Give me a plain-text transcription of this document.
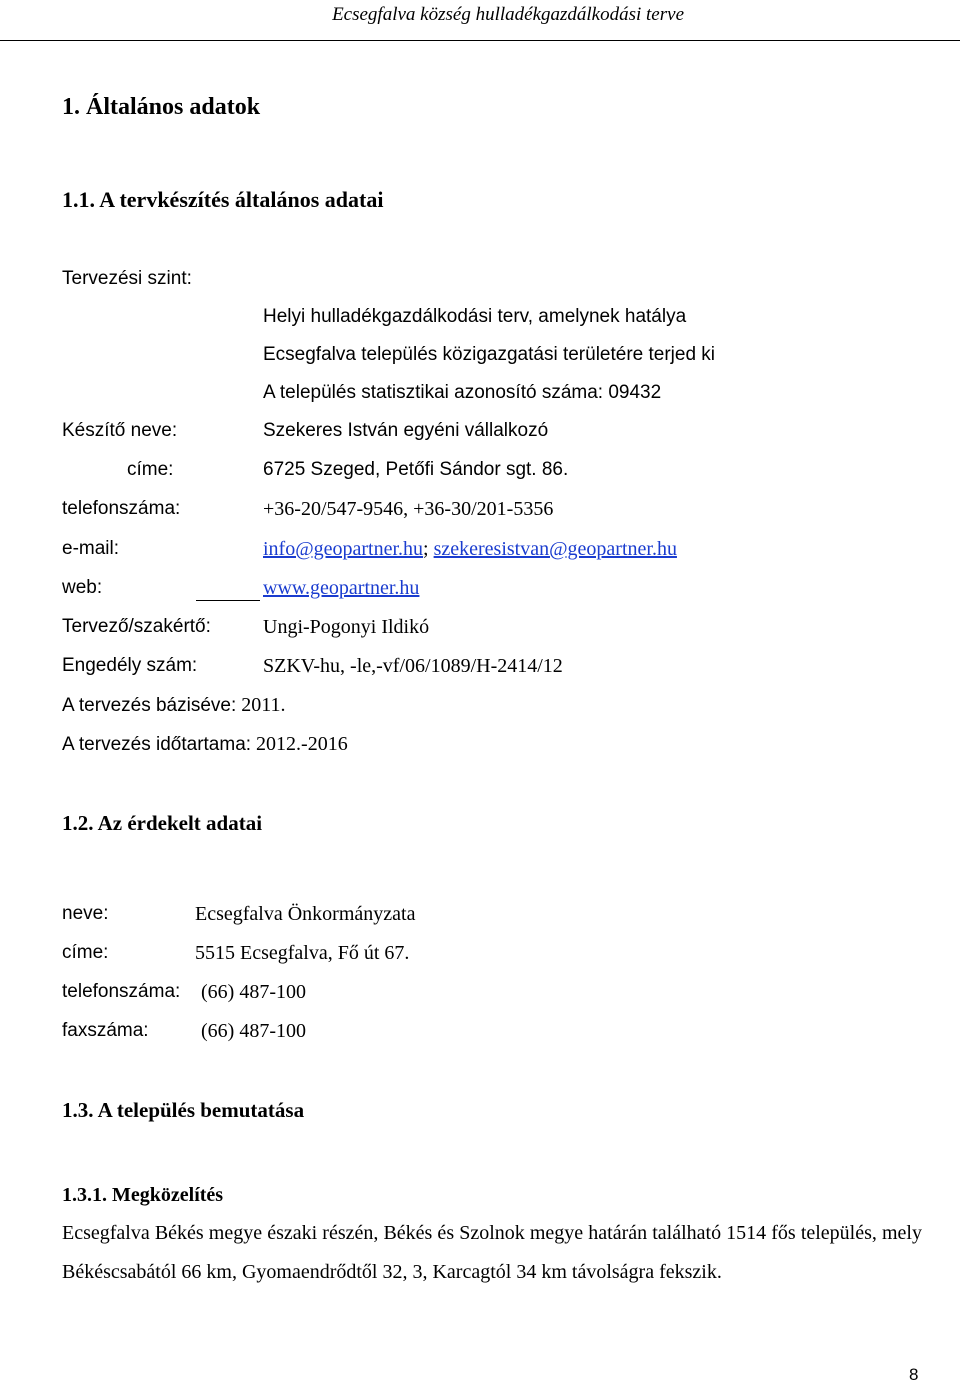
Ecsegfalva község hulladékgazdálkodási terve
1. Általános adatok
1.1. A tervkészítés általános adatai
Tervezési szint:
Helyi hulladékgazdálkodási terv, amelynek hatálya
Ecsegfalva település közigazgatási területére terjed ki
A település statisztikai azonosító száma: 09432
Készítő neve:	Szekeres István egyéni vállalkozó
címe:	6725 Szeged, Petőfi Sándor sgt. 86.
telefonszáma:	+36-20/547-9546, +36-30/201-5356
e-mail:	info@geopartner.hu; szekeresistvan@geopartner.hu
web:	www.geopartner.hu
Tervező/szakértő:	Ungi-Pogonyi Ildikó
Engedély szám:	SZKV-hu, -le,-vf/06/1089/H-2414/12
A tervezés báziséve: 2011.
A tervezés időtartama: 2012.-2016
1.2. Az érdekelt adatai
neve:	Ecsegfalva Önkormányzata
címe:	5515 Ecsegfalva, Fő út 67.
telefonszáma: (66) 487-100
faxszáma:	(66) 487-100
1.3. A település bemutatása
1.3.1. Megközelítés

Ecsegfalva Békés megye északi részén, Békés és Szolnok megye határán található 1514 fős település, mely Békéscsabától 66 km, Gyomaendrődtől 32, 3, Karcagtól 34 km távolságra fekszik.

8
